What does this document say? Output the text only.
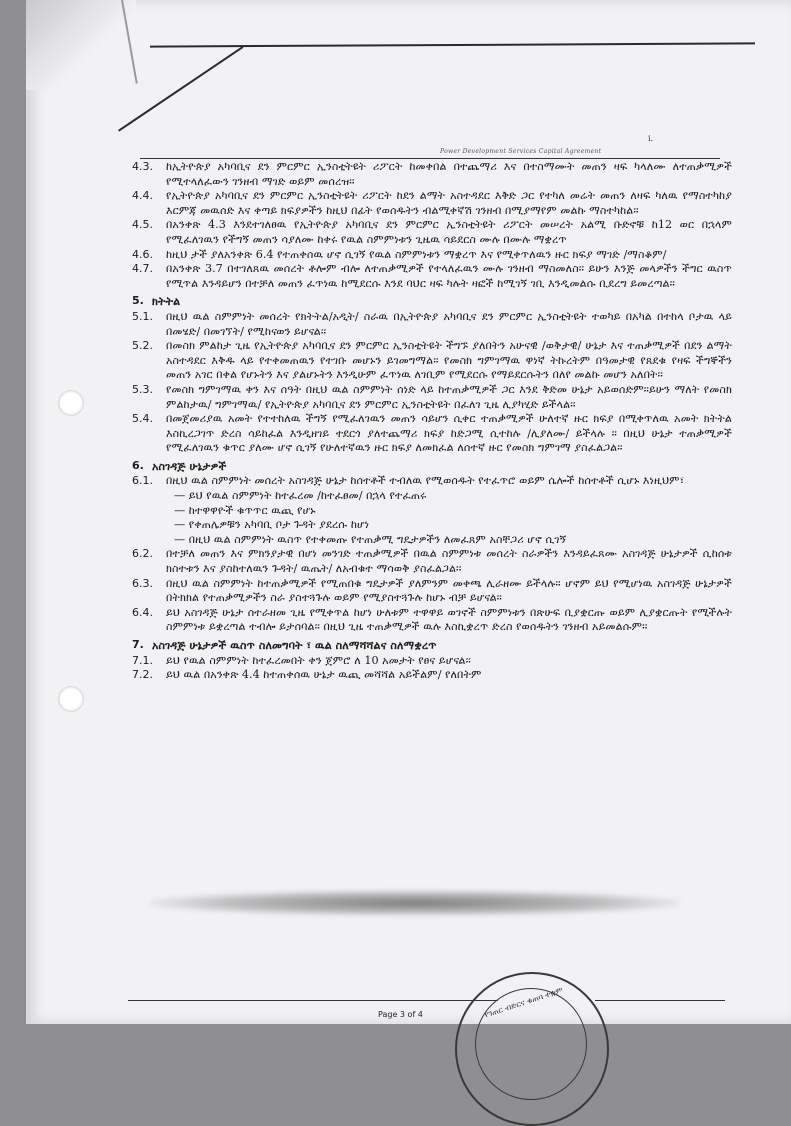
i.
Power Development Services Capital Agreement
4.3. ከኢትዮጵያ አካባቢና ደን ምርምር ኢንስቲትዩት ሪፖርት ከመቀበል በተጨማሪ እና በተስማሙት መጠን ዛፍ ካላለሙ ለተጠቃሚዎች የሚተላለፈውን ገንዘብ ማገድ ወይም መሰረዝ፡፡
4.4. የኢትዮጵያ አካባቢና ደን ምርምር ኢንስቲትዩት ሪፖርት ከደን ልማት አስተዳደር እቅድ ጋር የተካለ መሬት መጠን ለዛፍ ካለዉ የማስተካከያ እርምጃ መዉሰድ እና ቀጣይ ክፍያዎችን ከዚህ በፊት የወሰዱትን ብልሚቀኛሽ ገንዘብ በሚያማየም መልኩ ማስተካከል፡፡
4.5. በአንቀጽ 4.3 እንደተገለፀዉ የኢትዮጵያ አካባቢና ደን ምርምር ኢንስቲትዩት ሪፖርት መሠረት አልሚ ቡድኖቹ ከ12 ወር በኋላም የሚፈለገዉን የችግኝ መጠን ሳያለሙ ከቀሩ የዉል ስምምነቱን ጊዜዉ ሳይደርስ ሙሉ በሙሉ ማቋረጥ
4.6. ከዚህ ታች ያለአንቀጽ 6.4 የተጠቀሰዉ ሆኖ ሲገኝ የዉል ስምምነቱን ማቋረጥ እና የሚቀጥለዉን ዙር ክፍያ ማገድ /ማስቆም/
4.7. በአንቀጽ 3.7 በተገለጸዉ መሰረት ቶሎም ብሎ ለተጠቃሚዎች የተላለፈዉን ሙሉ ገንዘብ ማስመለስ፡፡ ይሁን እንጅ መላዎችን ችግር ዉስጥ የሚጥል እንዳይሆን በተቻለ መጠን ፈጥነዉ ከሚደርሱ እንደ ባህር ዛፍ ካሉት ዛፎች ከሚገኝ ገቢ እንዲመልሱ ቢደረግ ይመረጣል፡፡
5. ክትትል
5.1. በዚህ ዉል ስምምነት መሰረት የክትትል/አዲት/ ስራዉ በኢትዮጵያ አካባቢና ደን ምርምር ኢንስቲትዩት ተወካይ በአካል በተከላ ቦታዉ ላይ በመሄድ/ በመገኘት/ የሚከናወን ይሆናል፡፡
5.2. በመስክ ምልከታ ጊዜ የኢትዮጵያ አካባቢና ደን ምርምር ኢንስቲትዩት ችግኙ ያለበትን አሁናዊ /ወቅታዊ/ ሁኔታ እና ተጠቃሚዎች በደን ልማት አስተዳደር እቅዱ ላይ የተቀመጠዉን የተገቡ መሆኑን ይገመግማል፡፡ የመስክ ግምገማዉ ዋነኛ ትኩረትም በዓመታዊ የጸደቁ የዛፍ ችግኞችን መጠን አገር በቀል የሆኑትን እና ያልሆኑትን እንዲሁም ፈጥነዉ ለገቢም የሚደርሱ የማይደርሱትን በለየ መልኩ መሆን አለበት፡፡
5.3. የመስክ ግምገማዉ ቀን እና ሰዓት በዚህ ዉል ስምምነት ሰነድ ላይ ከተጠቃሚዎች ጋር እንደ ቅድመ ሁኔታ አይወሰድም፡፡ይሁን ማለት የመስክ ምልከታዉ/ ግምገማዉ/ የኢትዮጵያ አካባቢና ደን ምርምር ኢንስቲትዩት በፈለገ ጊዜ ሊያካሂድ ይችላል፡፡
5.4. በመጀመሪያዉ አመት የተተከለዉ ችግኝ የሚፈለገዉን መጠን ሳይሆን ሲቀር ተጠቃሚዎች ሁለተኛ ዙር ክፍያ በሚቀጥለዉ አመት ክትትል እስኪረጋገጥ ድረስ ሳይከፈል እንዲዘገይ ተደርጎ ያለተጨማሪ ክፍያ ከድጋሚ ሲተከሉ /ሊያለሙ/ ይችላሉ ፡፡ በዚህ ሁኔታ ተጠቃሚዎች የሚፈለገዉን ቁጥር ያለሙ ሆኖ ሲገኝ የሁለተኛዉን ዙር ክፍያ ለመክፈል ለሰተኛ ዙር የመስክ ግምገማ ያስፈልጋል፡፡
6. አስገዳጅ ሁኔታዎች
6.1. በዚህ ዉል ስምምነት መሰረት አስገዳጅ ሁኔታ ከሰተቶች ተብለዉ የሚወሰዱት የተፈጥሮ ወይም ሴሎች ከሰተቶች ሲሆኑ እነዚህም፣
— ይህ የዉል ስምምነት ከተፈረመ /ከተፈፀመ/ በኋላ የተፈጠሩ
— ከተዋዋዮች ቁጥጥር ዉጪ የሆኑ
— የቀጠሌዎቹን አካባቢ ቦታ ጉዳት ያደረሱ ከሆነ
— በዚህ ዉል ስምምነት ዉስጥ የተቀመጡ የተጠቃሚ ግዴታዎችን ለመፈጸም አስቸጋሪ ሆኖ ሲገኝ
6.2. በተቻለ መጠን እና ምክንያታዊ በሆነ መንገድ ተጠቃሚዎች በዉል ስምምነቱ መሰረት ስራዎችን እንዳይፈጸሙ አስገዳጅ ሁኔታዎች ሲከሰቱ ክስተቱን እና ያስከተለዉን ጉዳት/ ዉጤት/ ለአብቁተ ማሳወቅ ያስፈልጋል፡፡
6.3. በዚህ ዉል ስምምነት ከተጠቃሚዎች የሚጠበቁ ግዴታዎች ያለምንም መቀጫ ሊራዘሙ ይችላሉ፡፡ ሆኖም ይህ የሚሆነዉ አስገዳጅ ሁኔታዎች በትክክል የተጠቃሚዎችን ስራ ያስተጓጉሉ ወይም የሚያስተጓጉሉ ከሆኑ ብቻ ይሆናል፡፡
6.4. ይህ አስገዳጅ ሁኔታ ሰተራዘመ ጊዜ የሚቀጥል ከሆነ ሁለቱም ተዋዋይ ወገኖች ስምምነቱን በጽሁፍ ቢያቋርጡ ወይም ሊያቋርጡት የሚችሉት ስምምነቱ ይቋረጣል ተብሎ ይታሰባል፡፡ በዚህ ጊዜ ተጠቃሚዎች ዉሉ እስኪቋረጥ ድረስ የወሰዱትን ገንዘብ አይመልሱም፡፡
7. አስገዳጅ ሁኔታዎች ዉስጥ ስለመግባት ፣ ዉል ስለማሻሻልና ስለማቋረጥ
7.1. ይህ የዉል ስምምነት ከተፈረመበት ቀን ጀምሮ ለ 10 አመታት የፀና ይሆናል፡፡
7.2. ይህ ዉል በአንቀጽ 4.4 ከተጠቀሰዉ ሁኔታ ዉጪ መሻሻል አይችልም/ የለበትም
Page 3 of 4	የገጠር ብድርና ቁጠባ ተቋም
